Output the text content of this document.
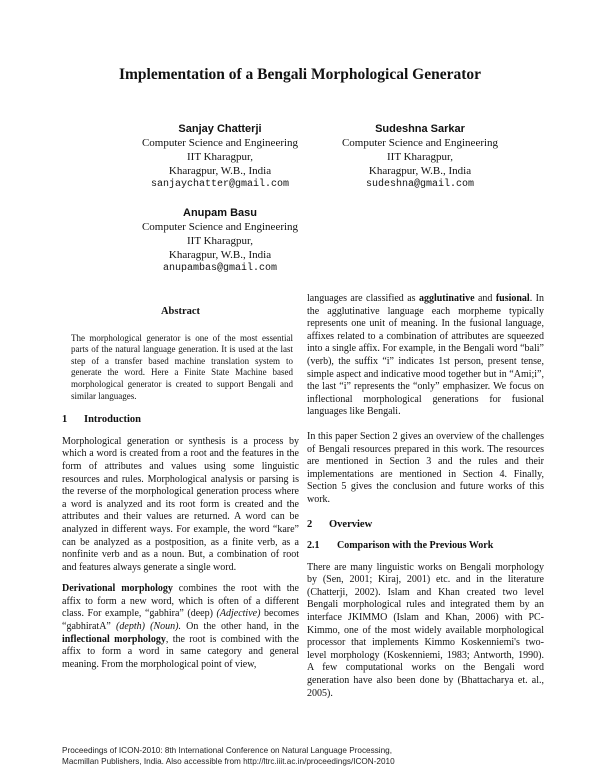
Implementation of a Bengali Morphological Generator
Sanjay Chatterji
Computer Science and Engineering
IIT Kharagpur,
Kharagpur, W.B., India
sanjaychatter@gmail.com
Sudeshna Sarkar
Computer Science and Engineering
IIT Kharagpur,
Kharagpur, W.B., India
sudeshna@gmail.com
Anupam Basu
Computer Science and Engineering
IIT Kharagpur,
Kharagpur, W.B., India
anupambas@gmail.com

Abstract

The morphological generator is one of the most essential parts of the natural language generation. It is used at the last step of a transfer based machine translation system to generate the word. Here a Finite State Machine based morphological generator is created to support Bengali and similar languages.

1 Introduction

Morphological generation or synthesis is a process by which a word is created from a root and the features in the form of attributes and values using some linguistic resources and rules. Morphological analysis or parsing is the reverse of the morphological generation process where a word is analyzed and its root form is created and the attributes and their values are returned. A word can be analyzed in different ways. For example, the word “kare” can be analyzed as a postposition, as a finite verb, as a nonfinite verb and as a noun. But, a combination of root and features always generate a single word.

Derivational morphology combines the root with the affix to form a new word, which is often of a different class. For example, “gabhira” (deep) (Adjective) becomes “gabhiratA” (depth) (Noun). On the other hand, in the inflectional morphology, the root is combined with the affix to form a word in same category and general meaning. From the morphological point of view,

languages are classified as agglutinative and fusional. In the agglutinative language each morpheme typically represents one unit of meaning. In the fusional language, affixes related to a combination of attributes are squeezed into a single affix. For example, in the Bengali word “bali” (verb), the suffix “i” indicates 1st person, present tense, simple aspect and indicative mood together but in “Ami;i”, the last “i” represents the “only” emphasizer. We focus on inflectional morphological generations for fusional languages like Bengali.

In this paper Section 2 gives an overview of the challenges of Bengali resources prepared in this work. The resources are mentioned in Section 3 and the rules and their implementations are mentioned in Section 4. Finally, Section 5 gives the conclusion and future works of this work.

2 Overview

2.1 Comparison with the Previous Work

There are many linguistic works on Bengali morphology by (Sen, 2001; Kiraj, 2001) etc. and in the literature (Chatterji, 2002). Islam and Khan created two level Bengali morphological rules and integrated them by an interface JKIMMO (Islam and Khan, 2006) with PC-Kimmo, one of the most widely available morphological processor that implements Kimmo Koskenniemi's two-level morphology (Koskenniemi, 1983; Antworth, 1990). A few computational works on the Bengali word generation have also been done by (Bhattacharya et. al., 2005).

Proceedings of ICON-2010: 8th International Conference on Natural Language Processing,
Macmillan Publishers, India. Also accessible from http://ltrc.iiit.ac.in/proceedings/ICON-2010
